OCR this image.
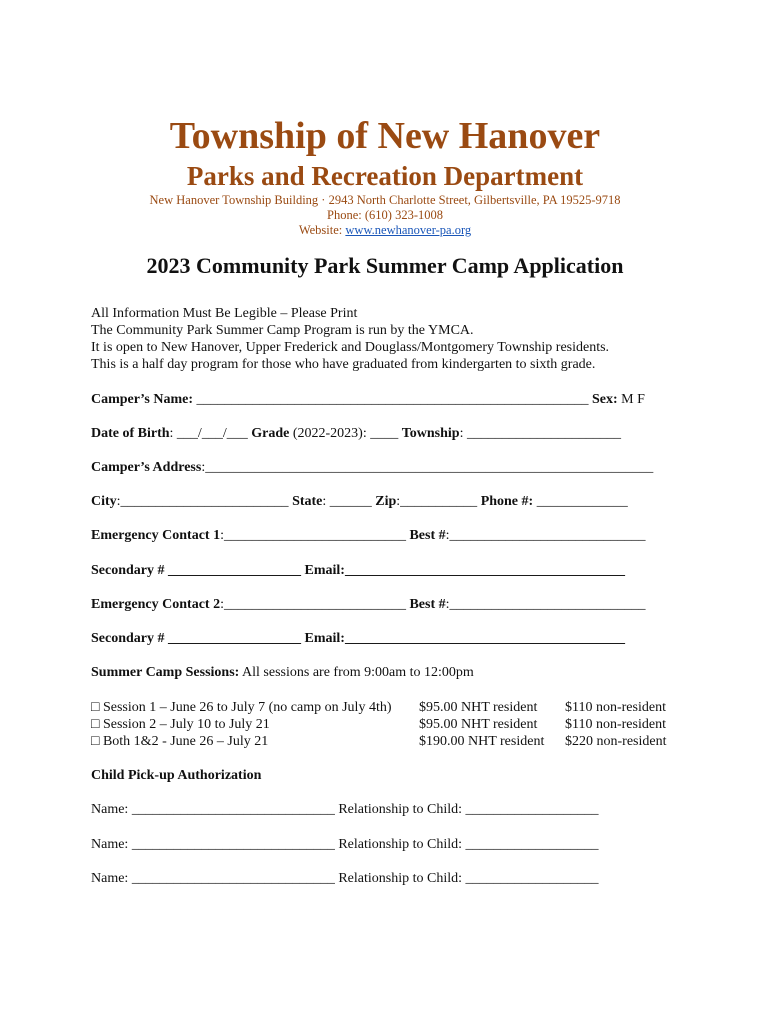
Township of New Hanover
Parks and Recreation Department
New Hanover Township Building · 2943 North Charlotte Street, Gilbertsville, PA 19525-9718
Phone: (610) 323-1008
Website: www.newhanover-pa.org
2023 Community Park Summer Camp Application
All Information Must Be Legible – Please Print
The Community Park Summer Camp Program is run by the YMCA.
It is open to New Hanover, Upper Frederick and Douglass/Montgomery Township residents.
This is a half day program for those who have graduated from kindergarten to sixth grade.
Camper’s Name: ________________________________________________________ Sex: M F
Date of Birth: ___/___/___ Grade (2022-2023): ____ Township: ______________________
Camper’s Address:________________________________________________________________
City:________________________ State: ______ Zip:___________ Phone #: _____________
Emergency Contact 1:__________________________ Best #:____________________________
Secondary # ___________________ Email:________________________________________
Emergency Contact 2:__________________________ Best #:____________________________
Secondary # ___________________ Email:________________________________________
Summer Camp Sessions: All sessions are from 9:00am to 12:00pm
□ Session 1 – June 26 to July 7 (no camp on July 4th) $95.00 NHT resident $110 non-resident
□ Session 2 – July 10 to July 21	$95.00 NHT resident $110 non-resident
□ Both 1&2 - June 26 – July 21	$190.00 NHT resident $220 non-resident
Child Pick-up Authorization
Name: _____________________________ Relationship to Child: ___________________
Name: _____________________________ Relationship to Child: ___________________
Name: _____________________________ Relationship to Child: ___________________
